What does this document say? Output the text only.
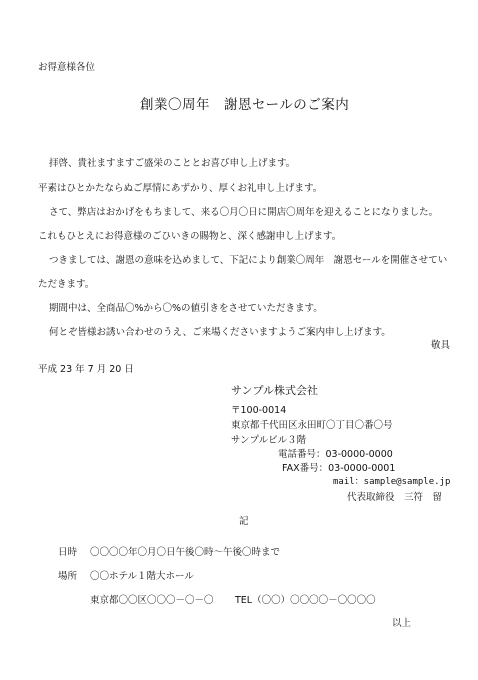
お得意様各位
創業〇周年　謝恩セールのご案内
拝啓、貴社ますますご盛栄のこととお喜び申し上げます。
平素はひとかたならぬご厚情にあずかり、厚くお礼申し上げます。
さて、弊店はおかげをもちまして、来る〇月〇日に開店〇周年を迎えることになりました。
これもひとえにお得意様のごひいきの賜物と、深く感謝申し上げます。
つきましては、謝恩の意味を込めまして、下記により創業〇周年　謝恩セールを開催させてい
ただきます。
期間中は、全商品〇%から〇%の値引きをさせていただきます。
何とぞ皆様お誘い合わせのうえ、ご来場くださいますようご案内申し上げます。
敬具
平成 23 年 7 月 20 日
サンプル株式会社
〒100-0014
東京都千代田区永田町〇丁目〇番〇号
サンプルビル３階
電話番号：03-0000-0000
FAX番号：03-0000-0001
mail：sample@sample.jp
代表取締役　三符　留
記
日時 〇〇〇〇年〇月〇日午後〇時～午後〇時まで
場所 〇〇ホテル１階大ホール
東京都〇〇区〇〇〇－〇－〇 TEL（〇〇）〇〇〇〇－〇〇〇〇
以上
